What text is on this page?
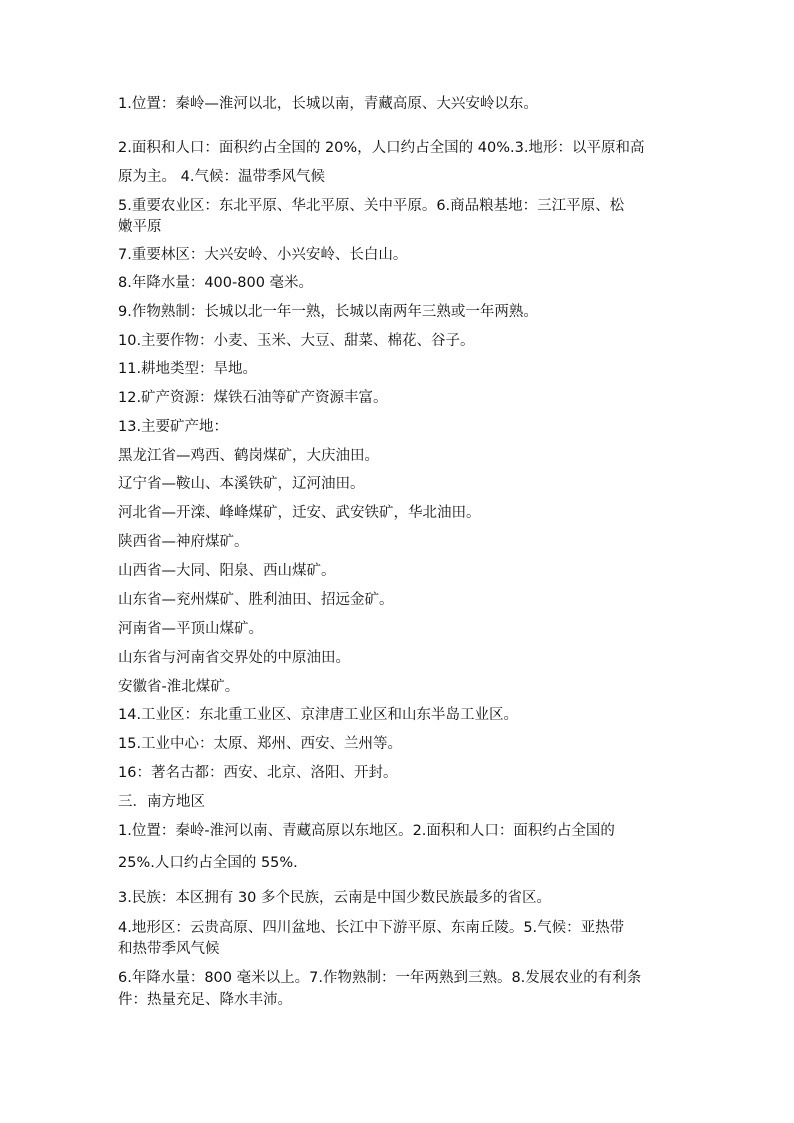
1.位置：秦岭—淮河以北，长城以南，青藏高原、大兴安岭以东。
2.面积和人口：面积约占全国的 20%，人口约占全国的 40%.3.地形：以平原和高
原为主。 4.气候：温带季风气候
5.重要农业区：东北平原、华北平原、关中平原。6.商品粮基地：三江平原、松
嫩平原
7.重要林区：大兴安岭、小兴安岭、长白山。
8.年降水量：400-800 毫米。
9.作物熟制：长城以北一年一熟，长城以南两年三熟或一年两熟。
10.主要作物：小麦、玉米、大豆、甜菜、棉花、谷子。
11.耕地类型：旱地。
12.矿产资源：煤铁石油等矿产资源丰富。
13.主要矿产地：
黑龙江省—鸡西、鹤岗煤矿，大庆油田。
辽宁省—鞍山、本溪铁矿，辽河油田。
河北省—开滦、峰峰煤矿，迁安、武安铁矿，华北油田。
陕西省—神府煤矿。
山西省—大同、阳泉、西山煤矿。
山东省—兖州煤矿、胜利油田、招远金矿。
河南省—平顶山煤矿。
山东省与河南省交界处的中原油田。
安徽省-淮北煤矿。
14.工业区：东北重工业区、京津唐工业区和山东半岛工业区。
15.工业中心：太原、郑州、西安、兰州等。
16：著名古都：西安、北京、洛阳、开封。
三．南方地区
1.位置：秦岭-淮河以南、青藏高原以东地区。2.面积和人口：面积约占全国的
25%.人口约占全国的 55%.
3.民族：本区拥有 30 多个民族，云南是中国少数民族最多的省区。
4.地形区：云贵高原、四川盆地、长江中下游平原、东南丘陵。5.气候：亚热带
和热带季风气候
6.年降水量：800 毫米以上。7.作物熟制：一年两熟到三熟。8.发展农业的有利条
件：热量充足、降水丰沛。
